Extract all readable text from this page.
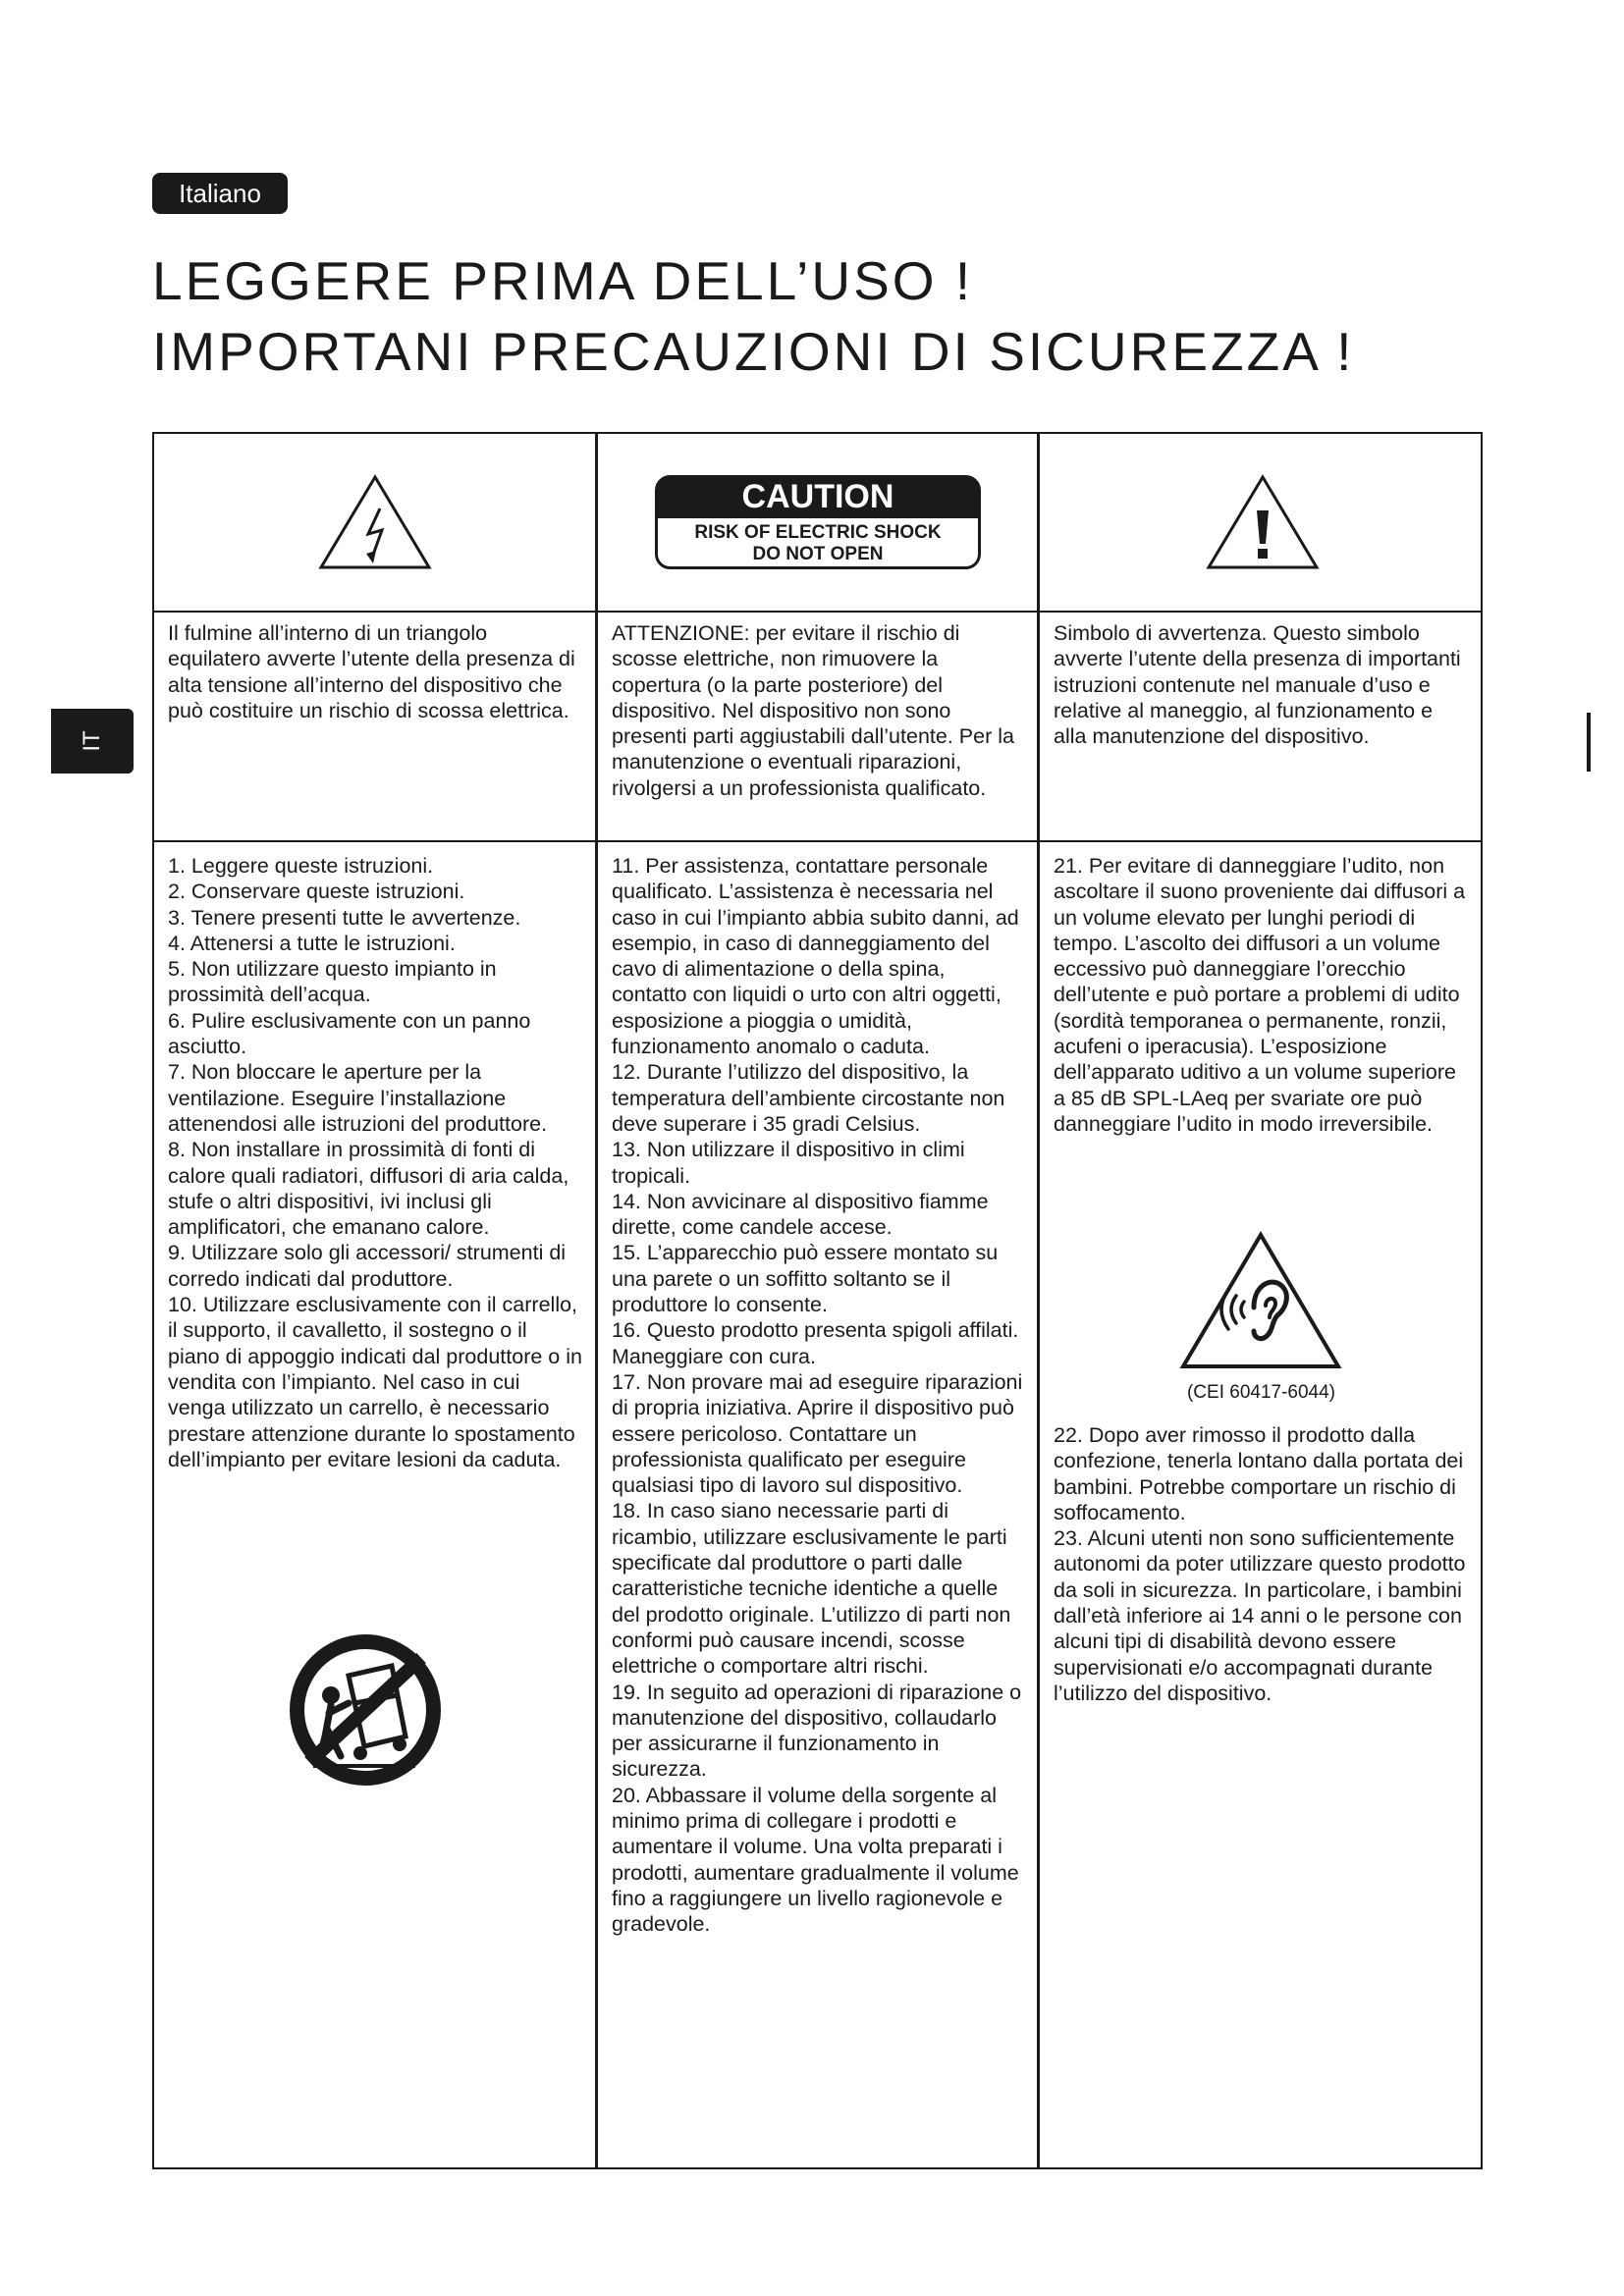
Italiano
LEGGERE PRIMA DELL’USO !
IMPORTANI PRECAUZIONI DI SICUREZZA !
IT
CAUTION
RISK OF ELECTRIC SHOCK
DO NOT OPEN

Il fulmine all’interno di un triangolo equilatero avverte l’utente della presenza di alta tensione all’interno del dispositivo che può costituire un rischio di scossa elettrica.

ATTENZIONE: per evitare il rischio di scosse elettriche, non rimuovere la copertura (o la parte posteriore) del dispositivo. Nel dispositivo non sono presenti parti aggiustabili dall’utente. Per la manutenzione o eventuali riparazioni, rivolgersi a un professionista qualificato.

Simbolo di avvertenza. Questo simbolo avverte l’utente della presenza di importanti istruzioni contenute nel manuale d’uso e relative al maneggio, al funzionamento e alla manutenzione del dispositivo.

1. Leggere queste istruzioni.

2. Conservare queste istruzioni.

3. Tenere presenti tutte le avvertenze.

4. Attenersi a tutte le istruzioni.

5. Non utilizzare questo impianto in prossimità dell’acqua.

6. Pulire esclusivamente con un panno asciutto.

7. Non bloccare le aperture per la ventilazione. Eseguire l’installazione attenendosi alle istruzioni del produttore.

8. Non installare in prossimità di fonti di calore quali radiatori, diffusori di aria calda, stufe o altri dispositivi, ivi inclusi gli amplificatori, che emanano calore.

9. Utilizzare solo gli accessori/ strumenti di corredo indicati dal produttore.

10. Utilizzare esclusivamente con il carrello, il supporto, il cavalletto, il sostegno o il piano di appoggio indicati dal produttore o in vendita con l’impianto. Nel caso in cui venga utilizzato un carrello, è necessario prestare attenzione durante lo spostamento dell’impianto per evitare lesioni da caduta.

11. Per assistenza, contattare personale qualificato. L’assistenza è necessaria nel caso in cui l’impianto abbia subito danni, ad esempio, in caso di danneggiamento del cavo di alimentazione o della spina, contatto con liquidi o urto con altri oggetti, esposizione a pioggia o umidità, funzionamento anomalo o caduta.

12. Durante l’utilizzo del dispositivo, la temperatura dell’ambiente circostante non deve superare i 35 gradi Celsius.

13. Non utilizzare il dispositivo in climi tropicali.

14. Non avvicinare al dispositivo fiamme dirette, come candele accese.

15. L’apparecchio può essere montato su una parete o un soffitto soltanto se il produttore lo consente.

16. Questo prodotto presenta spigoli affilati. Maneggiare con cura.

17. Non provare mai ad eseguire riparazioni di propria iniziativa. Aprire il dispositivo può essere pericoloso. Contattare un professionista qualificato per eseguire qualsiasi tipo di lavoro sul dispositivo.

18. In caso siano necessarie parti di ricambio, utilizzare esclusivamente le parti specificate dal produttore o parti dalle caratteristiche tecniche identiche a quelle del prodotto originale. L’utilizzo di parti non conformi può causare incendi, scosse elettriche o comportare altri rischi.

19. In seguito ad operazioni di riparazione o manutenzione del dispositivo, collaudarlo per assicurarne il funzionamento in sicurezza.

20. Abbassare il volume della sorgente al minimo prima di collegare i prodotti e aumentare il volume. Una volta preparati i prodotti, aumentare gradualmente il volume fino a raggiungere un livello ragionevole e gradevole.

21. Per evitare di danneggiare l’udito, non ascoltare il suono proveniente dai diffusori a un volume elevato per lunghi periodi di tempo. L’ascolto dei diffusori a un volume eccessivo può danneggiare l’orecchio dell’utente e può portare a problemi di udito (sordità temporanea o permanente, ronzii, acufeni o iperacusia). L’esposizione dell’apparato uditivo a un volume superiore a 85 dB SPL-LAeq per svariate ore può danneggiare l’udito in modo irreversibile.

(CEI 60417-6044)

22. Dopo aver rimosso il prodotto dalla confezione, tenerla lontano dalla portata dei bambini. Potrebbe comportare un rischio di soffocamento.

23. Alcuni utenti non sono sufficientemente autonomi da poter utilizzare questo prodotto da soli in sicurezza. In particolare, i bambini dall’età inferiore ai 14 anni o le persone con alcuni tipi di disabilità devono essere supervisionati e/o accompagnati durante l’utilizzo del dispositivo.
